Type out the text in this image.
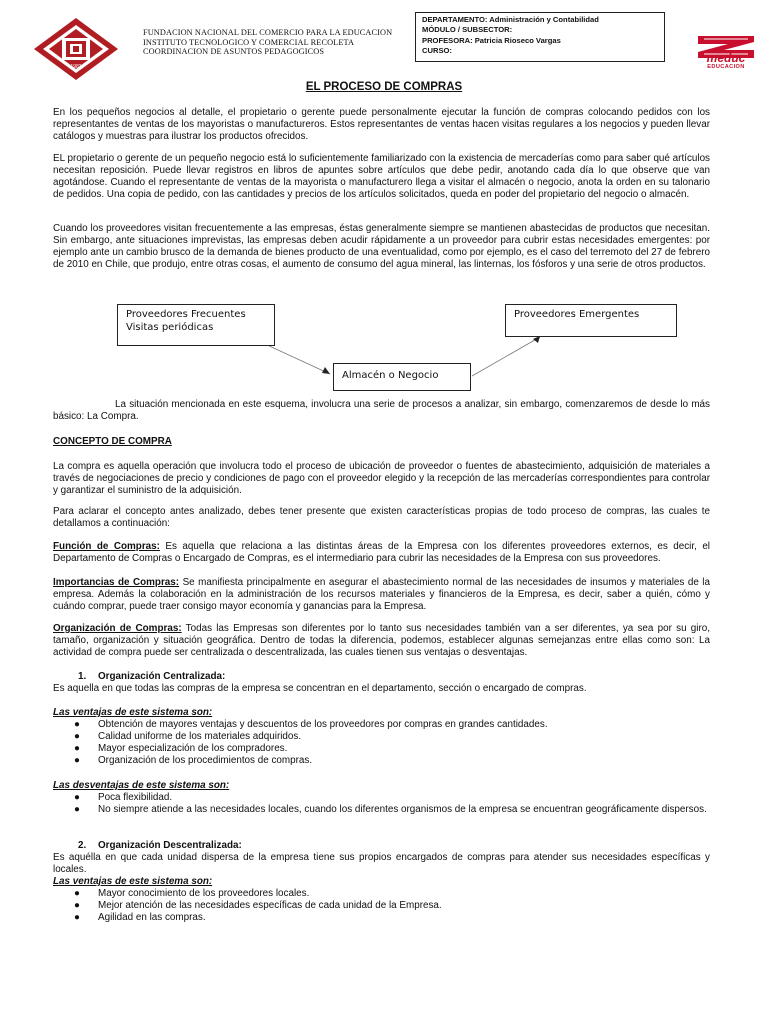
1983
FUNDACION NACIONAL DEL COMERCIO PARA LA EDUCACION
INSTITUTO TECNOLOGICO Y COMERCIAL RECOLETA
COORDINACION DE ASUNTOS PEDAGOGICOS
DEPARTAMENTO: Administración y Contabilidad
MÓDULO / SUBSECTOR:
PROFESORA: Patricia Rioseco Vargas
CURSO:
meduc
EDUCACION
EL PROCESO DE COMPRAS
En los pequeños negocios al detalle, el propietario o gerente puede personalmente ejecutar la función de compras colocando pedidos con los representantes de ventas de los mayoristas o manufactureros. Estos representantes de ventas hacen visitas regulares a los negocios y pueden llevar catálogos y muestras para ilustrar los productos ofrecidos.
EL propietario o gerente de un pequeño negocio está lo suficientemente familiarizado con la existencia de mercaderías como para saber qué artículos necesitan reposición. Puede llevar registros en libros de apuntes sobre artículos que debe pedir, anotando cada día lo que observe que van agotándose. Cuando el representante de ventas de la mayorista o manufacturero llega a visitar el almacén o negocio, anota la orden en su talonario de pedidos. Una copia de pedido, con las cantidades y precios de los artículos solicitados, queda en poder del propietario del negocio o almacén.
Cuando los proveedores visitan frecuentemente a las empresas, éstas generalmente siempre se mantienen abastecidas de productos que necesitan. Sin embargo, ante situaciones imprevistas, las empresas deben acudir rápidamente a un proveedor para cubrir estas necesidades emergentes: por ejemplo ante un cambio brusco de la demanda de bienes producto de una eventualidad, como por ejemplo, es el caso del terremoto del 27 de febrero de 2010 en Chile, que produjo, entre otras cosas, el aumento de consumo del agua mineral, las linternas, los fósforos y una serie de otros productos.
Proveedores Frecuentes
Visitas periódicas
Proveedores Emergentes
Almacén o Negocio
La situación mencionada en este esquema, involucra una serie de procesos a analizar, sin embargo, comenzaremos de desde lo más básico: La Compra.
CONCEPTO DE COMPRA
La compra es aquella operación que involucra todo el proceso de ubicación de proveedor o fuentes de abastecimiento, adquisición de materiales a través de negociaciones de precio y condiciones de pago con el proveedor elegido y la recepción de las mercaderías correspondientes para controlar y garantizar el suministro de la adquisición.
Para aclarar el concepto antes analizado, debes tener presente que existen características propias de todo proceso de compras, las cuales te detallamos a continuación:
Función de Compras: Es aquella que relaciona a las distintas áreas de la Empresa con los diferentes proveedores externos, es decir, el Departamento de Compras o Encargado de Compras, es el intermediario para cubrir las necesidades de la Empresa con sus proveedores.
Importancias de Compras: Se manifiesta principalmente en asegurar el abastecimiento normal de las necesidades de insumos y materiales de la empresa. Además la colaboración en la administración de los recursos materiales y financieros de la Empresa, es decir, saber a quién, cómo y cuándo comprar, puede traer consigo mayor economía y ganancias para la Empresa.
Organización de Compras: Todas las Empresas son diferentes por lo tanto sus necesidades también van a ser diferentes, ya sea por su giro, tamaño, organización y situación geográfica. Dentro de todas la diferencia, podemos, establecer algunas semejanzas entre ellas como son: La actividad de compra puede ser centralizada o descentralizada, las cuales tienen sus ventajas o desventajas.
1. Organización Centralizada:
Es aquella en que todas las compras de la empresa se concentran en el departamento, sección o encargado de compras.
Las ventajas de este sistema son:
● Obtención de mayores ventajas y descuentos de los proveedores por compras en grandes cantidades.
● Calidad uniforme de los materiales adquiridos.
● Mayor especialización de los compradores.
● Organización de los procedimientos de compras.
Las desventajas de este sistema son:
● Poca flexibilidad.
● No siempre atiende a las necesidades locales, cuando los diferentes organismos de la empresa se encuentran geográficamente dispersos.
2. Organización Descentralizada:
Es aquélla en que cada unidad dispersa de la empresa tiene sus propios encargados de compras para atender sus necesidades específicas y locales.
Las ventajas de este sistema son:
● Mayor conocimiento de los proveedores locales.
● Mejor atención de las necesidades específicas de cada unidad de la Empresa.
● Agilidad en las compras.
